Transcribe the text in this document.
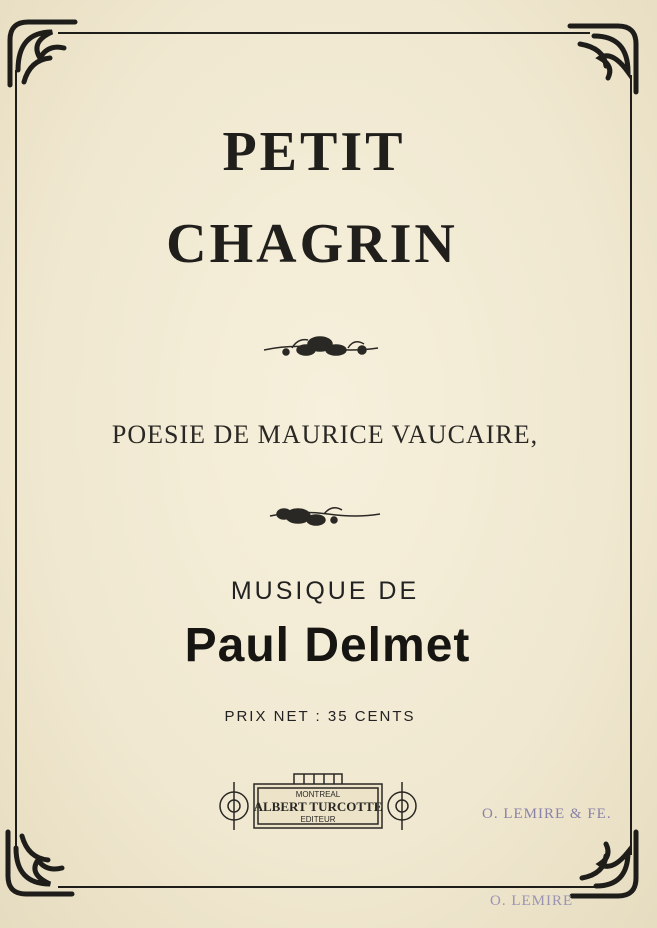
PETIT
CHAGRIN
POESIE DE MAURICE VAUCAIRE,
MUSIQUE DE
Paul Delmet
PRIX NET : 35 CENTS
MONTREAL
ALBERT TURCOTTE
EDITEUR	O. LEMIRE & FE.
O. LEMIRE
